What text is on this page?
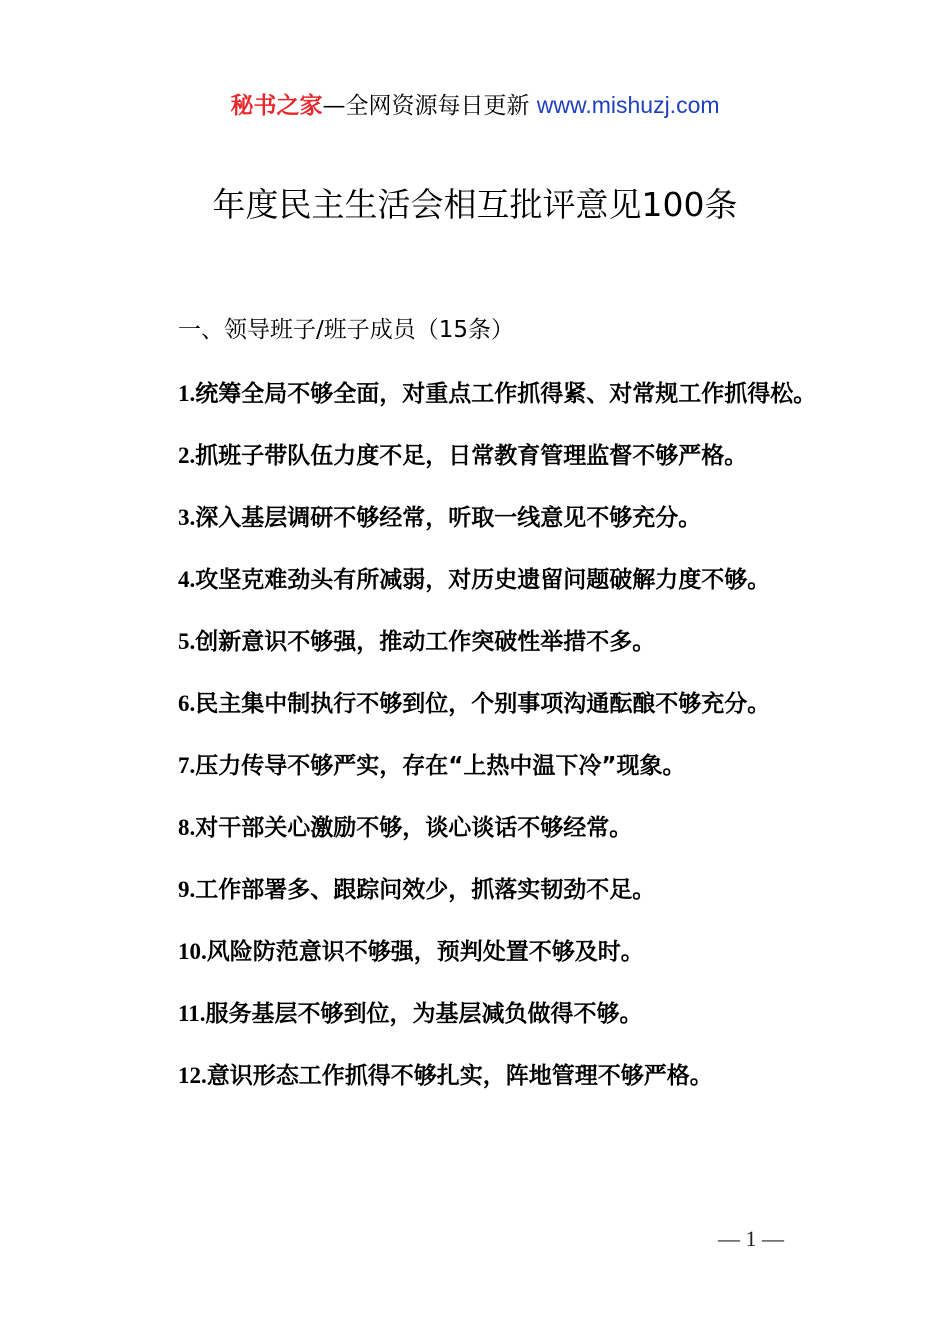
秘书之家—全网资源每日更新 www.mishuzj.com
年度民主生活会相互批评意见100条
一、领导班子/班子成员（15条）
1.统筹全局不够全面，对重点工作抓得紧、对常规工作抓得松。
2.抓班子带队伍力度不足，日常教育管理监督不够严格。
3.深入基层调研不够经常，听取一线意见不够充分。
4.攻坚克难劲头有所减弱，对历史遗留问题破解力度不够。
5.创新意识不够强，推动工作突破性举措不多。
6.民主集中制执行不够到位，个别事项沟通酝酿不够充分。
7.压力传导不够严实，存在“上热中温下冷”现象。
8.对干部关心激励不够，谈心谈话不够经常。
9.工作部署多、跟踪问效少，抓落实韧劲不足。
10.风险防范意识不够强，预判处置不够及时。
11.服务基层不够到位，为基层减负做得不够。
12.意识形态工作抓得不够扎实，阵地管理不够严格。
— 1 —
